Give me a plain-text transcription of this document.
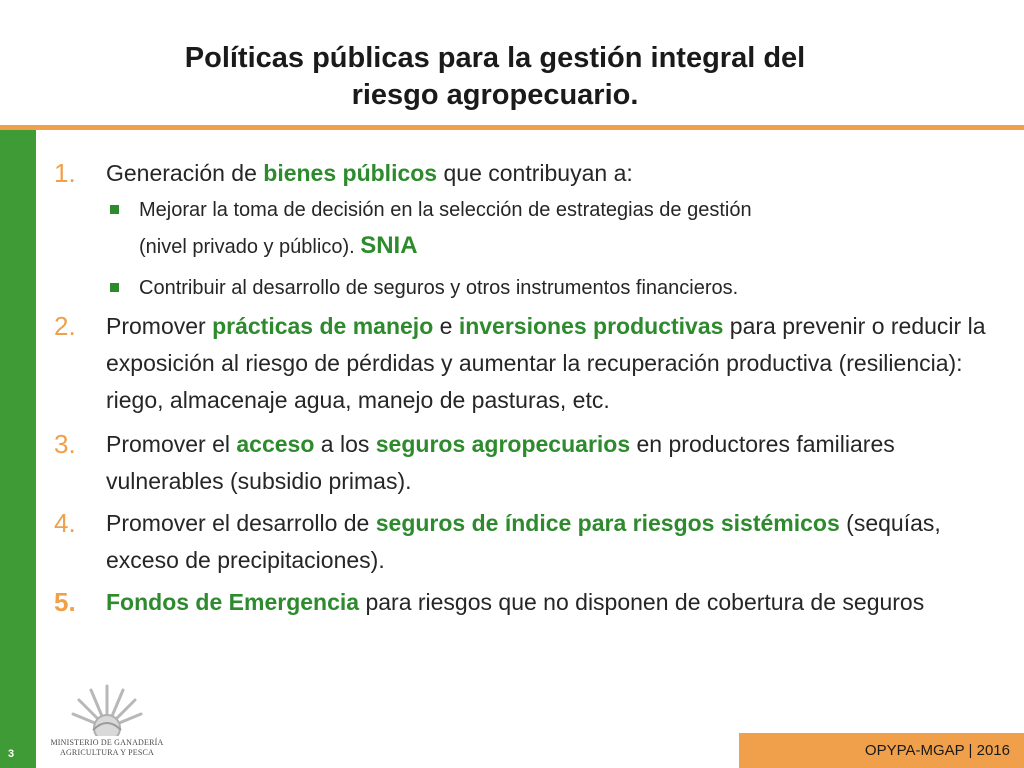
Políticas públicas para la gestión integral del
riesgo agropecuario.
1.	Generación de bienes públicos que contribuyan a:
Mejorar la toma de decisión en la selección de estrategias de gestión
(nivel privado y público). SNIA
Contribuir al desarrollo de seguros y otros instrumentos financieros.
2.	Promover prácticas de manejo e inversiones productivas para prevenir o reducir la exposición al riesgo de pérdidas y aumentar la recuperación productiva (resiliencia): riego, almacenaje agua, manejo de pasturas, etc.
3.	Promover el acceso a los seguros agropecuarios en productores familiares vulnerables (subsidio primas).
4.	Promover el desarrollo de seguros de índice para riesgos sistémicos (sequías, exceso de precipitaciones).
5.	Fondos de Emergencia para riesgos que no disponen de cobertura de seguros
MINISTERIO DE GANADERÍA
AGRICULTURA Y PESCA
3	OPYPA-MGAP | 2016
